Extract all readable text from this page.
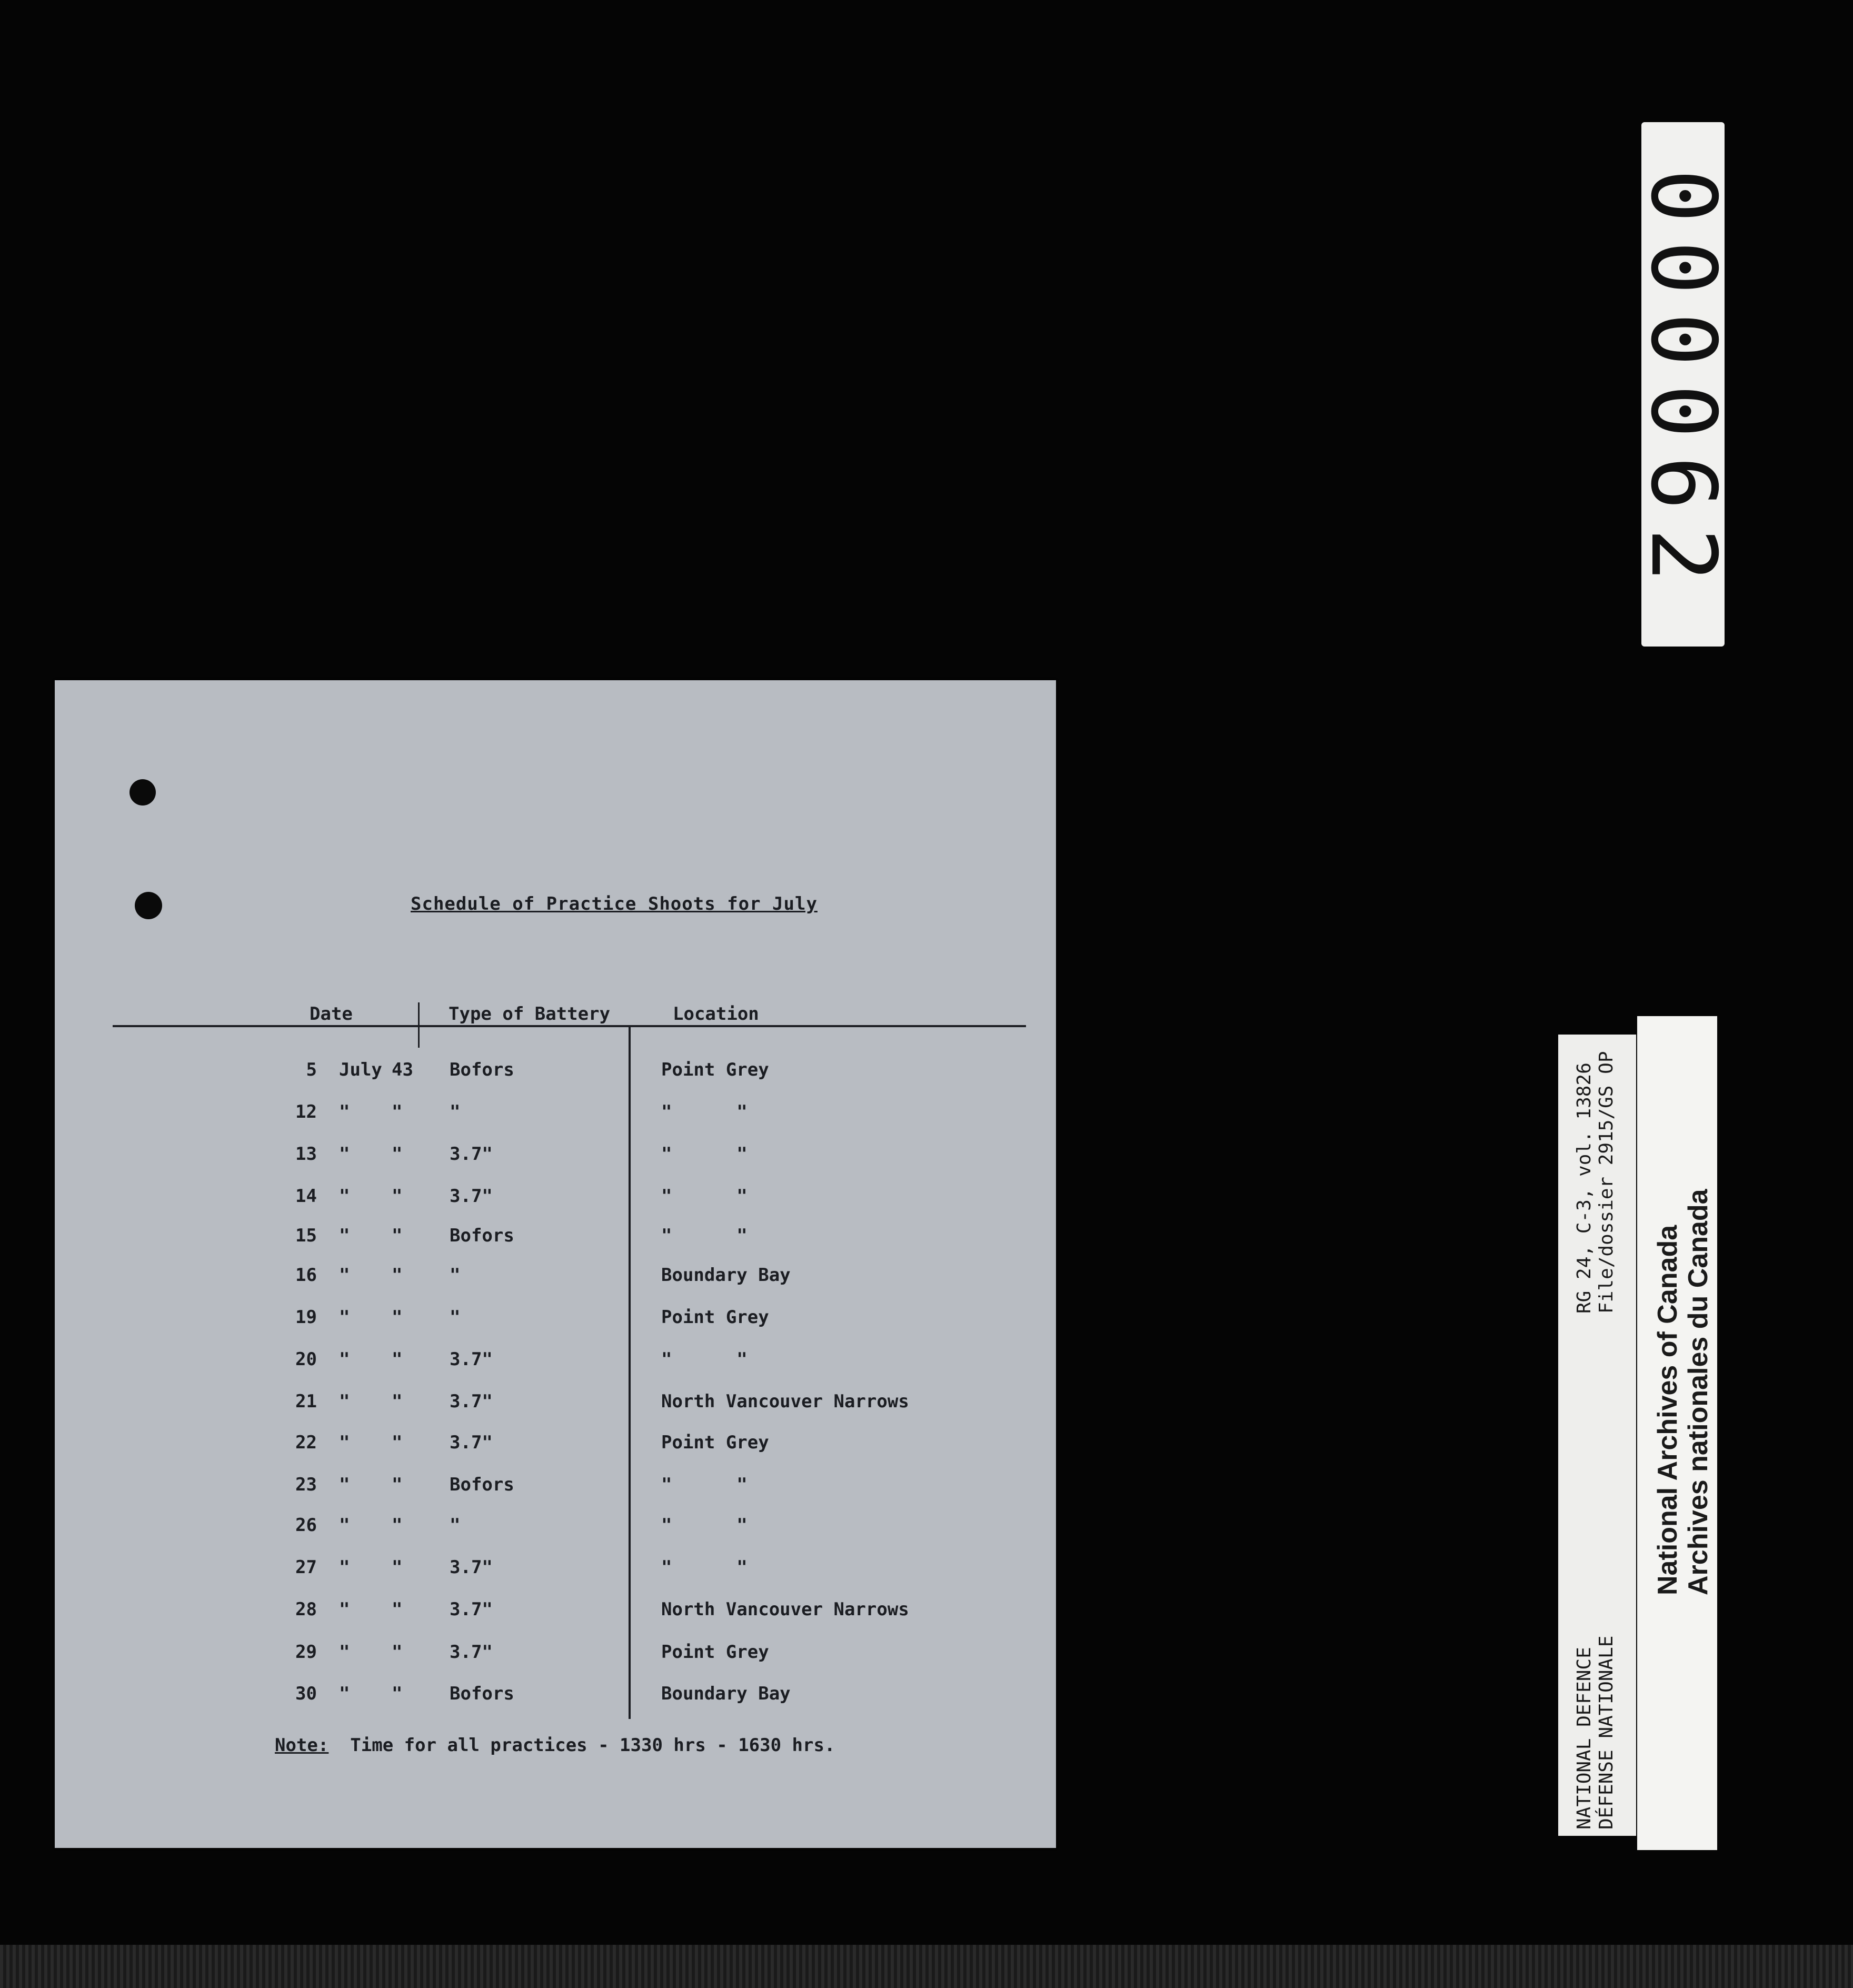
000062
NATIONAL DEFENCE DÉFENSE NATIONALE
RG 24, C-3, vol. 13826 File/dossier 2915/GS OP
National Archives of Canada Archives nationales du Canada
Schedule of Practice Shoots for July
Date	Type of Battery	Location
5 July 43 Bofors	Point Grey
12 " "	"	"      "
13 " "	3.7"	"      "
14 " "	3.7"	"      "
15 " "	Bofors	"      "
16 " "	"	Boundary Bay
19 " "	"	Point Grey
20 " "	3.7"	"      "
21 " "	3.7"	North Vancouver Narrows
22 " "	3.7"	Point Grey
23 " "	Bofors	"      "
26 " "	"	"      "
27 " "	3.7"	"      "
28 " "	3.7"	North Vancouver Narrows
29 " "	3.7"	Point Grey
30 " "	Bofors	Boundary Bay
Note:  Time for all practices - 1330 hrs - 1630 hrs.
